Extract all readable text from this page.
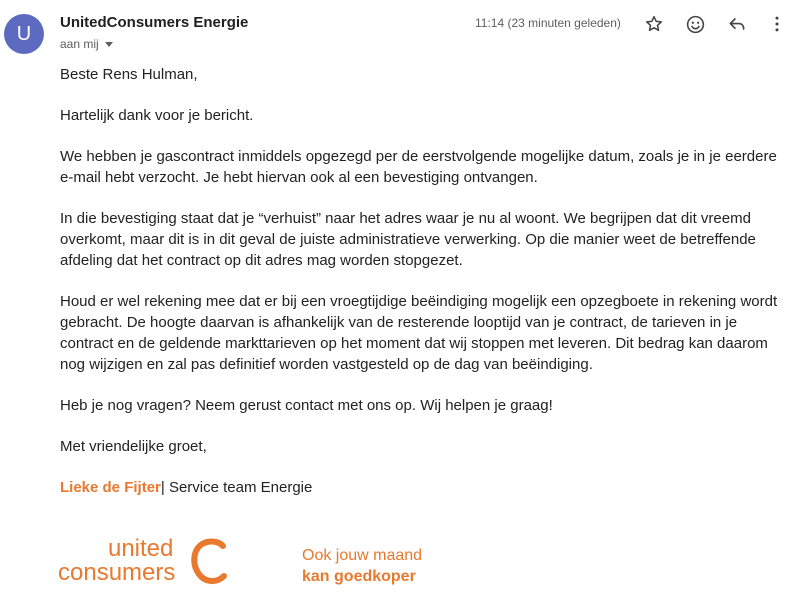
U UnitedConsumers Energie
aan mij
11:14 (23 minuten geleden)

Beste Rens Hulman,

Hartelijk dank voor je bericht.

We hebben je gascontract inmiddels opgezegd per de eerstvolgende mogelijke datum, zoals je in je eerdere e-mail hebt verzocht. Je hebt hiervan ook al een bevestiging ontvangen.

In die bevestiging staat dat je “verhuist” naar het adres waar je nu al woont. We begrijpen dat dit vreemd overkomt, maar dit is in dit geval de juiste administratieve verwerking. Op die manier weet de betreffende afdeling dat het contract op dit adres mag worden stopgezet.

Houd er wel rekening mee dat er bij een vroegtijdige beëindiging mogelijk een opzegboete in rekening wordt gebracht. De hoogte daarvan is afhankelijk van de resterende looptijd van je contract, de tarieven in je contract en de geldende markttarieven op het moment dat wij stoppen met leveren. Dit bedrag kan daarom nog wijzigen en zal pas definitief worden vastgesteld op de dag van beëindiging.

Heb je nog vragen? Neem gerust contact met ons op. Wij helpen je graag!

Met vriendelijke groet,

Lieke de Fijter| Service team Energie

united
consumers
Ook jouw maand
kan goedkoper
